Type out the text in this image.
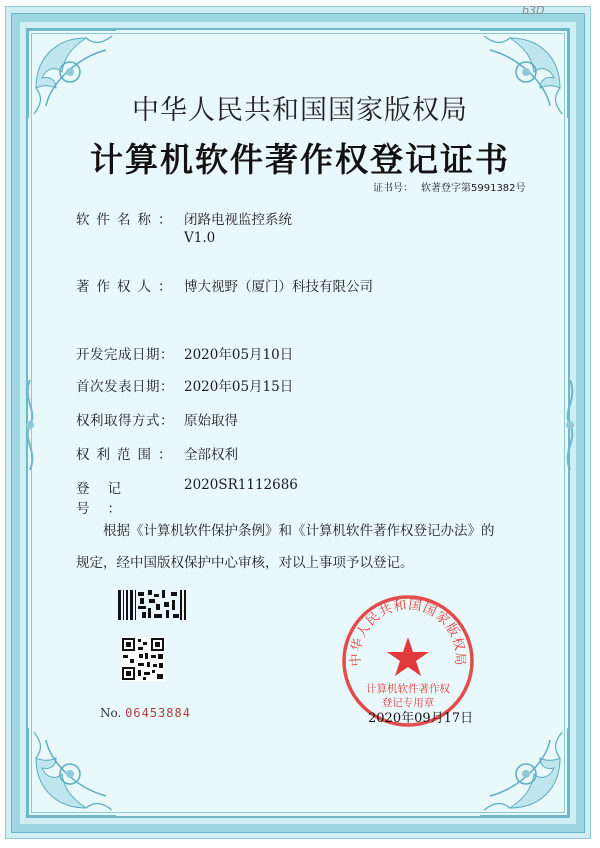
b3D
中华人民共和国国家版权局
计算机软件著作权登记证书
证书号： 软著登字第5991382号
软件名称： 闭路电视监控系统
V1.0
著作权人： 博大视野（厦门）科技有限公司
开发完成日期： 2020年05月10日
首次发表日期： 2020年05月15日
权利取得方式： 原始取得
权利范围： 全部权利
登记号：
2020SR1112686
根据《计算机软件保护条例》和《计算机软件著作权登记办法》的
规定，经中国版权保护中心审核，对以上事项予以登记。
No. 06453884
中华人民共和国国家版权局
计算机软件著作权
登记专用章
2020年09月17日
